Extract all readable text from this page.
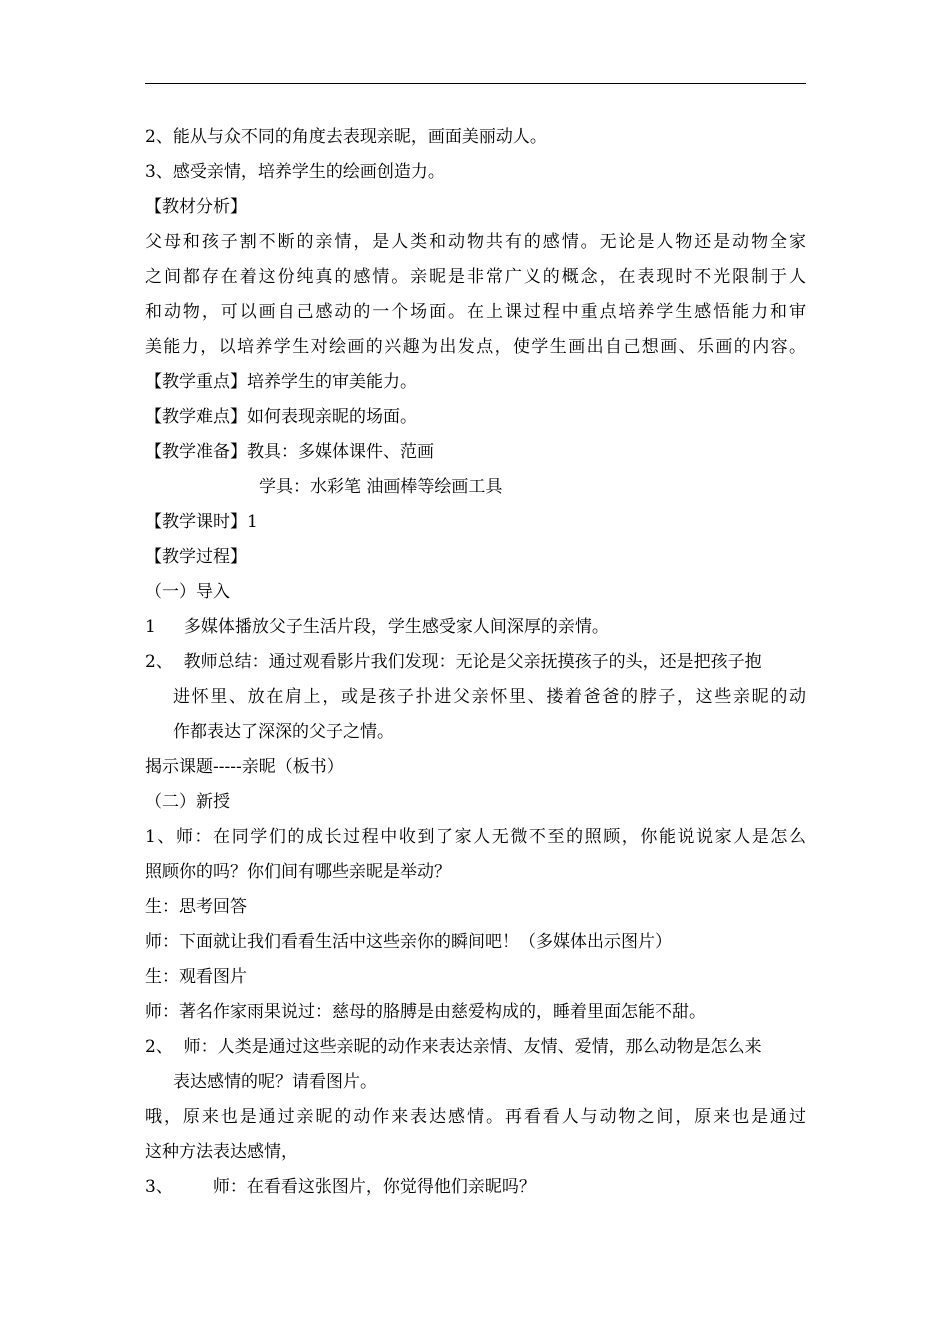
2、能从与众不同的角度去表现亲昵，画面美丽动人。
3、感受亲情，培养学生的绘画创造力。
【教材分析】
父母和孩子割不断的亲情，是人类和动物共有的感情。无论是人物还是动物全家
之间都存在着这份纯真的感情。亲昵是非常广义的概念，在表现时不光限制于人
和动物，可以画自己感动的一个场面。在上课过程中重点培养学生感悟能力和审
美能力，以培养学生对绘画的兴趣为出发点，使学生画出自己想画、乐画的内容。
【教学重点】培养学生的审美能力。
【教学难点】如何表现亲昵的场面。
【教学准备】教具：多媒体课件、范画
学具：水彩笔 油画棒等绘画工具
【教学课时】1
【教学过程】
（一）导入
1 多媒体播放父子生活片段，学生感受家人间深厚的亲情。
2、 教师总结：通过观看影片我们发现：无论是父亲抚摸孩子的头，还是把孩子抱
进怀里、放在肩上，或是孩子扑进父亲怀里、搂着爸爸的脖子，这些亲昵的动
作都表达了深深的父子之情。
揭示课题-----亲昵（板书）
（二）新授
1、师：在同学们的成长过程中收到了家人无微不至的照顾，你能说说家人是怎么
照顾你的吗？你们间有哪些亲昵是举动？
生：思考回答
师：下面就让我们看看生活中这些亲你的瞬间吧！（多媒体出示图片）
生：观看图片
师：著名作家雨果说过：慈母的胳膊是由慈爱构成的，睡着里面怎能不甜。
2、 师：人类是通过这些亲昵的动作来表达亲情、友情、爱情，那么动物是怎么来
表达感情的呢？请看图片。
哦，原来也是通过亲昵的动作来表达感情。再看看人与动物之间，原来也是通过
这种方法表达感情，
3、 师：在看看这张图片，你觉得他们亲昵吗？
